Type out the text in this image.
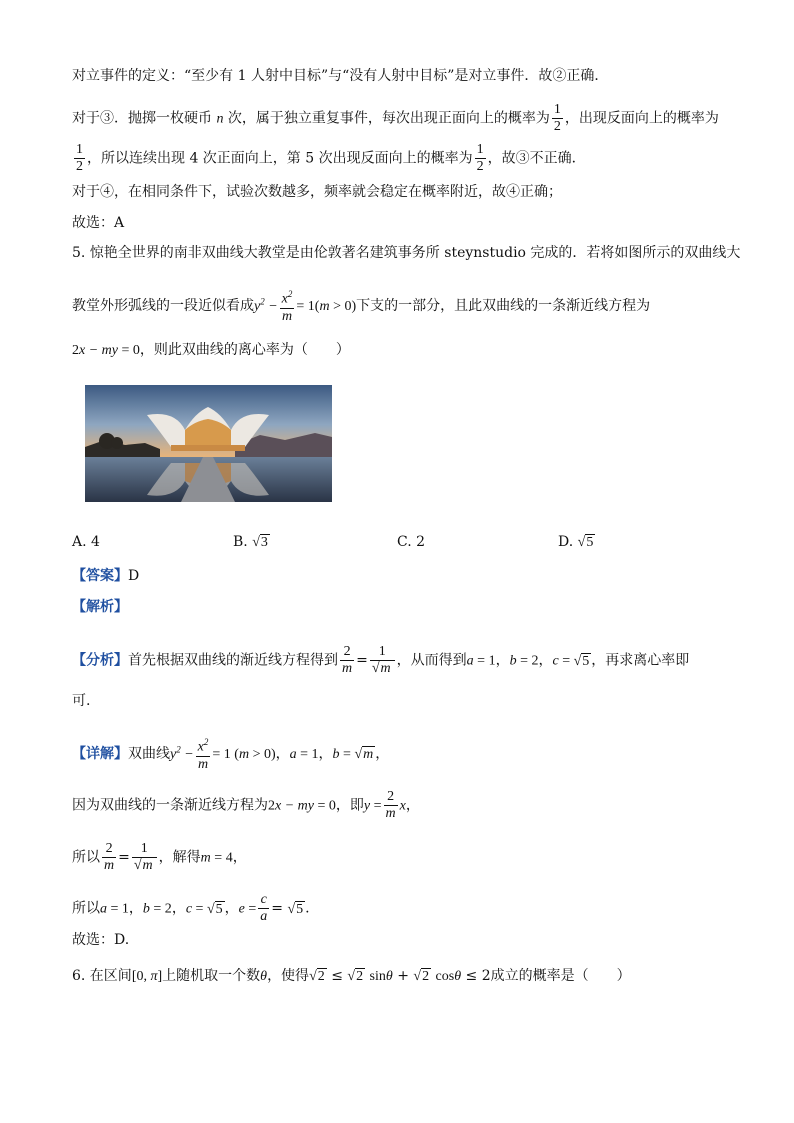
对立事件的定义：“至少有 1 人射中目标”与“没有人射中目标”是对立事件．故②正确．
对于③．抛掷一枚硬币 n 次，属于独立重复事件，每次出现正面向上的概率为 $\frac{1}{2}$ ，出现反面向上的概率为
$\frac{1}{2}$ ，所以连续出现 4 次正面向上，第 5 次出现反面向上的概率为 $\frac{1}{2}$ ，故③不正确．
对于④，在相同条件下，试验次数越多，频率就会稳定在概率附近，故④正确；
故选：A
5. 惊艳全世界的南非双曲线大教堂是由伦敦著名建筑事务所 steynstudio 完成的．若将如图所示的双曲线大
教堂外形弧线的一段近似看成$y^2 - \frac{x^2}{m} = 1(m > 0)$下支的一部分，且此双曲线的一条渐近线方程为
2x − my = 0，则此双曲线的离心率为（　　）
A. 4	B. √3	C. 2	D. √5
【答案】D
【解析】
【分析】首先根据双曲线的渐近线方程得到 $\frac{2}{m} = \frac{1}{√m}$ ，从而得到a = 1，b = 2，c = √5 ，再求离心率即
可.
【详解】双曲线$y^2 - \frac{x^2}{m} = 1$ (m > 0)，a = 1，b = √m ，
因为双曲线的一条渐近线方程为2x − my = 0，即$y = \frac{2}{m}$ x，
所以 $\frac{2}{m} = \frac{1}{√m}$ ，解得m = 4，
所以a = 1，b = 2，c = √5 ，$e = \frac{c}{a} = √5$ .
故选：D.
6. 在区间[0, π]上随机取一个数θ，使得√2 ≤ √2 sinθ + √2 cosθ ≤ 2成立的概率是（　　）
